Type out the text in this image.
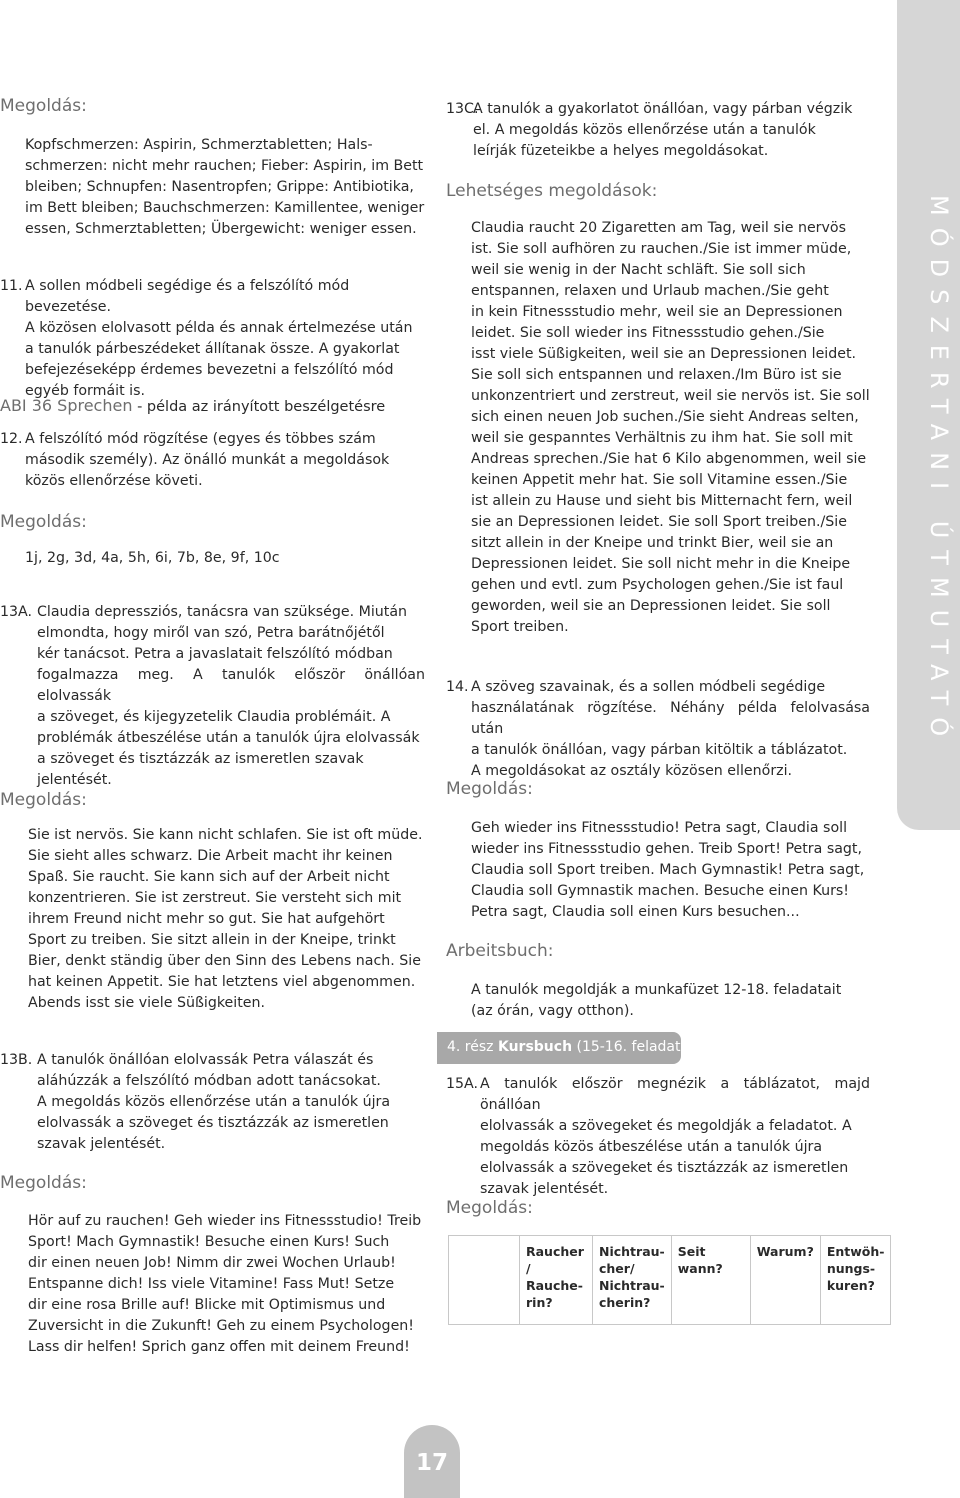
MÓDSZERTANI ÚTMUTATÓ
Megoldás:
Kopfschmerzen: Aspirin, Schmerztabletten; Hals-
schmerzen: nicht mehr rauchen; Fieber: Aspirin, im Bett
bleiben; Schnupfen: Nasentropfen; Grippe: Antibiotika,
im Bett bleiben; Bauchschmerzen: Kamillentee, weniger
essen, Schmerztabletten; Übergewicht: weniger essen.
11. A sollen módbeli segédige és a felszólító mód bevezetése.
A közösen elolvasott példa és annak értelmezése után
a tanulók párbeszédeket állítanak össze. A gyakorlat
befejezéseképp érdemes bevezetni a felszólító mód
egyéb formáit is.
ABI 36 Sprechen - példa az irányított beszélgetésre
12. A felszólító mód rögzítése (egyes és többes szám
második személy). Az önálló munkát a megoldások
közös ellenőrzése követi.
Megoldás:
1j, 2g, 3d, 4a, 5h, 6i, 7b, 8e, 9f, 10c
13A. Claudia depressziós, tanácsra van szüksége. Miután
elmondta, hogy miről van szó, Petra barátnőjétől
kér tanácsot. Petra a javaslatait felszólító módban
fogalmazza meg. A tanulók először önállóan elolvassák
a szöveget, és kijegyzetelik Claudia problémáit. A
problémák átbeszélése után a tanulók újra elolvassák
a szöveget és tisztázzák az ismeretlen szavak
jelentését.
Megoldás:
Sie ist nervös. Sie kann nicht schlafen. Sie ist oft müde.
Sie sieht alles schwarz. Die Arbeit macht ihr keinen
Spaß. Sie raucht. Sie kann sich auf der Arbeit nicht
konzentrieren. Sie ist zerstreut. Sie versteht sich mit
ihrem Freund nicht mehr so gut. Sie hat aufgehört
Sport zu treiben. Sie sitzt allein in der Kneipe, trinkt
Bier, denkt ständig über den Sinn des Lebens nach. Sie
hat keinen Appetit. Sie hat letztens viel abgenommen.
Abends isst sie viele Süßigkeiten.
13B. A tanulók önállóan elolvassák Petra válaszát és
aláhúzzák a felszólító módban adott tanácsokat.
A megoldás közös ellenőrzése után a tanulók újra
elolvassák a szöveget és tisztázzák az ismeretlen
szavak jelentését.
Megoldás:
Hör auf zu rauchen! Geh wieder ins Fitnessstudio! Treib
Sport! Mach Gymnastik! Besuche einen Kurs! Such
dir einen neuen Job! Nimm dir zwei Wochen Urlaub!
Entspanne dich! Iss viele Vitamine! Fass Mut! Setze
dir eine rosa Brille auf! Blicke mit Optimismus und
Zuversicht in die Zukunft! Geh zu einem Psychologen!
Lass dir helfen! Sprich ganz offen mit deinem Freund!
13C.
A tanulók a gyakorlatot önállóan, vagy párban végzik
el. A megoldás közös ellenőrzése után a tanulók
leírják füzeteikbe a helyes megoldásokat.
Lehetséges megoldások:
Claudia raucht 20 Zigaretten am Tag, weil sie nervös
ist. Sie soll aufhören zu rauchen./Sie ist immer müde,
weil sie wenig in der Nacht schläft. Sie soll sich
entspannen, relaxen und Urlaub machen./Sie geht
in kein Fitnessstudio mehr, weil sie an Depressionen
leidet. Sie soll wieder ins Fitnessstudio gehen./Sie
isst viele Süßigkeiten, weil sie an Depressionen leidet.
Sie soll sich entspannen und relaxen./Im Büro ist sie
unkonzentriert und zerstreut, weil sie nervös ist. Sie soll
sich einen neuen Job suchen./Sie sieht Andreas selten,
weil sie gespanntes Verhältnis zu ihm hat. Sie soll mit
Andreas sprechen./Sie hat 6 Kilo abgenommen, weil sie
keinen Appetit mehr hat. Sie soll Vitamine essen./Sie
ist allein zu Hause und sieht bis Mitternacht fern, weil
sie an Depressionen leidet. Sie soll Sport treiben./Sie
sitzt allein in der Kneipe und trinkt Bier, weil sie an
Depressionen leidet. Sie soll nicht mehr in die Kneipe
gehen und evtl. zum Psychologen gehen./Sie ist faul
geworden, weil sie an Depressionen leidet. Sie soll
Sport treiben.
14. A szöveg szavainak, és a sollen módbeli segédige
használatának rögzítése. Néhány példa felolvasása után
a tanulók önállóan, vagy párban kitöltik a táblázatot.
A megoldásokat az osztály közösen ellenőrzi.
Megoldás:
Geh wieder ins Fitnessstudio! Petra sagt, Claudia soll
wieder ins Fitnessstudio gehen. Treib Sport! Petra sagt,
Claudia soll Sport treiben. Mach Gymnastik! Petra sagt,
Claudia soll Gymnastik machen. Besuche einen Kurs!
Petra sagt, Claudia soll einen Kurs besuchen...
Arbeitsbuch:
A tanulók megoldják a munkafüzet 12-18. feladatait
(az órán, vagy otthon).
4. rész Kursbuch (15-16. feladat)
15A. A tanulók először megnézik a táblázatot, majd önállóan
elolvassák a szövegeket és megoldják a feladatot. A
megoldás közös átbeszélése után a tanulók újra
elolvassák a szövegeket és tisztázzák az ismeretlen
szavak jelentését.
Megoldás:
	Raucher / Rauche-rin?	Nichtrau-cher/ Nichtrau-cherin?	Seit wann?	Warum?	Entwöh-nungs-kuren?
17
